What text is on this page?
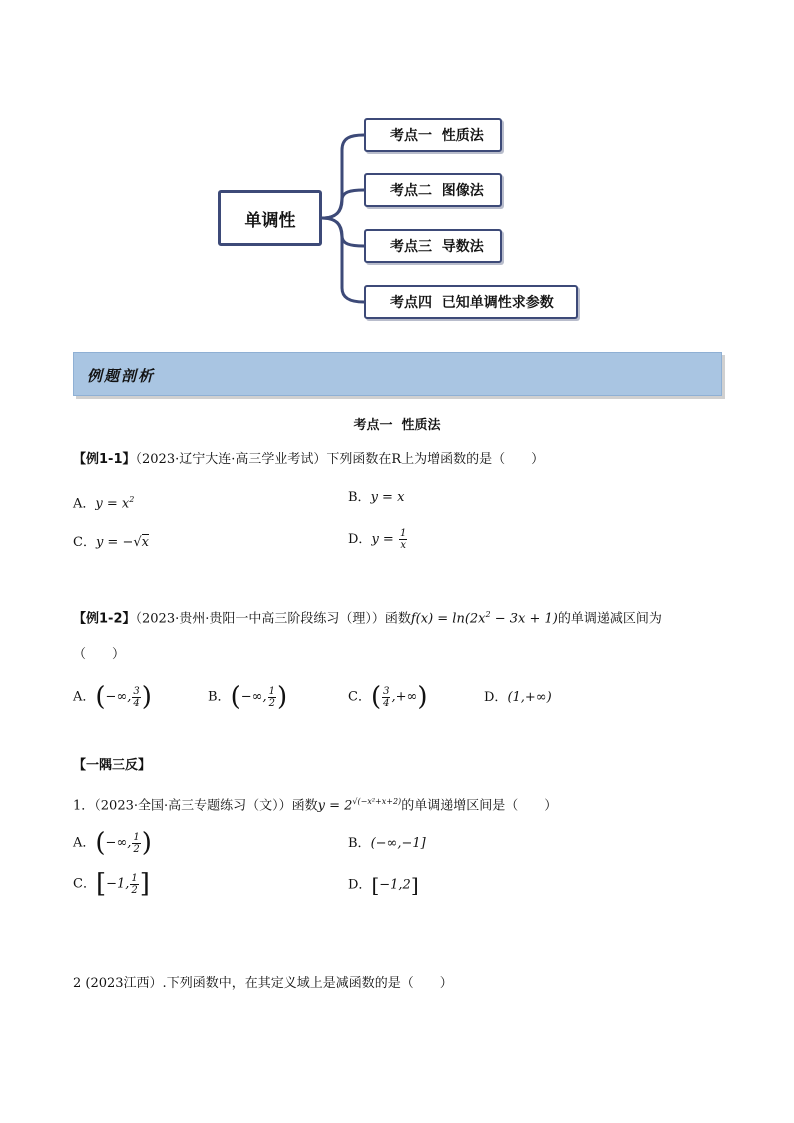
单调性
考点一  性质法
考点二  图像法
考点三  导数法
考点四  已知单调性求参数
例题剖析
考点一  性质法
【例1-1】（2023·辽宁大连·高三学业考试）下列函数在R上为增函数的是（　　）
A．$y = x^2$	B．y = x
C．y = −√x	D．$y = \frac{1}{x}$
【例1-2】（2023·贵州·贵阳一中高三阶段练习（理））函数$f(x) = \ln(2x^2 - 3x + 1)$的单调递减区间为
（　　）
A．(−∞, $\frac{3}{4}$ )	B．(−∞, $\frac{1}{2}$ )	C．( $\frac{3}{4}$ ,+∞)	D．(1,+∞)
【一隅三反】
1．（2023·全国·高三专题练习（文））函数$y = 2^{√(-x^2+x+2)}$的单调递增区间是（　　）
A．(−∞, $\frac{1}{2}$ )	B．(−∞,−1]
C．[−1, $\frac{1}{2}$ ]	D．[−1,2]
2 (2023江西）.下列函数中，在其定义域上是减函数的是（　　）
